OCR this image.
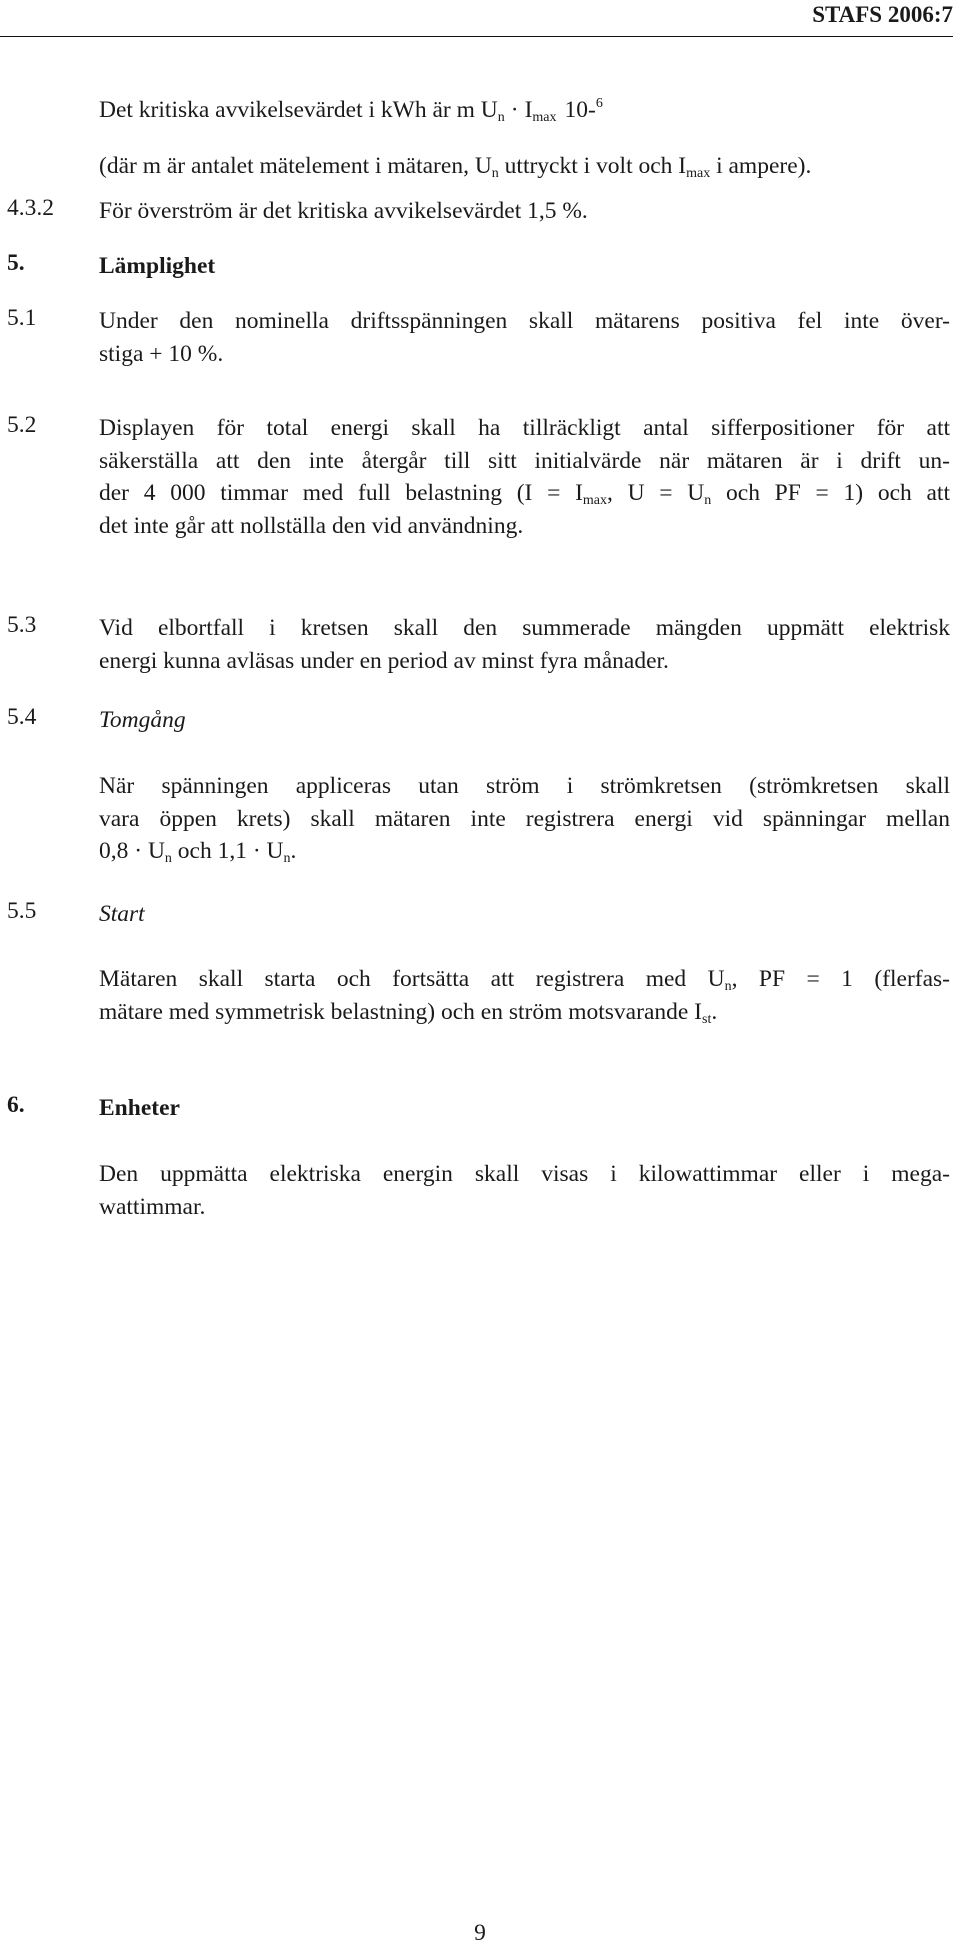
STAFS 2006:7
Det kritiska avvikelsevärdet i kWh är m $U_n \cdot I_{max}$ 10-$^6$
(där m är antalet mätelement i mätaren, $U_n$ uttryckt i volt och $I_{max}$ i ampere).
4.3.2 För överström är det kritiska avvikelsevärdet 1,5 %.
5.	Lämplighet
5.1	Under den nominella driftsspänningen skall mätarens positiva fel inte över-
stiga + 10 %.
5.2	Displayen för total energi skall ha tillräckligt antal sifferpositioner för att
säkerställa att den inte återgår till sitt initialvärde när mätaren är i drift un-
der 4 000 timmar med full belastning ($I = I_{max}$, $U = U_n$ och PF = 1) och att
det inte går att nollställa den vid användning.
5.3	Vid elbortfall i kretsen skall den summerade mängden uppmätt elektrisk
energi kunna avläsas under en period av minst fyra månader.
5.4	Tomgång
När spänningen appliceras utan ström i strömkretsen (strömkretsen skall
vara öppen krets) skall mätaren inte registrera energi vid spänningar mellan
$0,8 \cdot U_n$ och $1,1 \cdot U_n$.
5.5	Start
Mätaren skall starta och fortsätta att registrera med $U_n$, PF = 1 (flerfas-
mätare med symmetrisk belastning) och en ström motsvarande $I_{st}$.
6.	Enheter
Den uppmätta elektriska energin skall visas i kilowattimmar eller i mega-
wattimmar.
9
